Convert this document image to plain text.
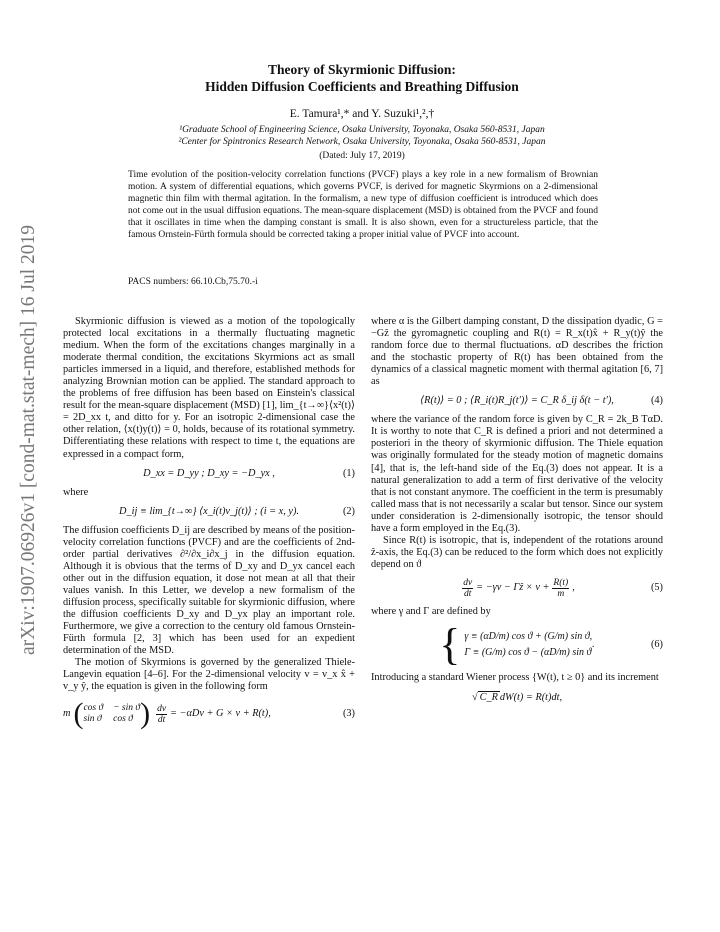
arXiv:1907.06926v1 [cond-mat.stat-mech] 16 Jul 2019
Theory of Skyrmionic Diffusion:
Hidden Diffusion Coefficients and Breathing Diffusion
E. Tamura¹,* and Y. Suzuki¹,²,†
¹Graduate School of Engineering Science, Osaka University, Toyonaka, Osaka 560-8531, Japan
²Center for Spintronics Research Network, Osaka University, Toyonaka, Osaka 560-8531, Japan
(Dated: July 17, 2019)
Time evolution of the position-velocity correlation functions (PVCF) plays a key role in a new formalism of Brownian motion. A system of differential equations, which governs PVCF, is derived for magnetic Skyrmions on a 2-dimensional magnetic thin film with thermal agitation. In the formalism, a new type of diffusion coefficient is introduced which does not come out in the usual diffusion equations. The mean-square displacement (MSD) is obtained from the PVCF and found that it oscillates in time when the damping constant is small. It is also shown, even for a structureless particle, that the famous Ornstein-Fürth formula should be corrected taking a proper initial value of PVCF into account.
PACS numbers: 66.10.Cb,75.70.-i

Skyrmionic diffusion is viewed as a motion of the topologically protected local excitations in a thermally fluctuating magnetic medium. When the form of the excitations changes marginally in a moderate thermal condition, the excitations Skyrmions act as small particles immersed in a liquid, and therefore, established methods for analyzing Brownian motion can be applied. The standard approach to the problems of free diffusion has been based on Einstein's classical result for the mean-square displacement (MSD) [1], lim_{t→∞}⟨x²(t)⟩ = 2D_xx t, and ditto for y. For an isotropic 2-dimensional case the other relation, ⟨x(t)y(t)⟩ = 0, holds, because of its rotational symmetry. Differentiating these relations with respect to time t, the equations are expressed in a compact form,

D_xx = D_yy ; D_xy = −D_yx ,	(1)

where

D_ij ≡ lim_{t→∞} ⟨x_i(t)v_j(t)⟩ ; (i = x, y).	(2)

The diffusion coefficients D_ij are described by means of the position-velocity correlation functions (PVCF) and are the coefficients of 2nd-order partial derivatives ∂²/∂x_i∂x_j in the diffusion equation. Although it is obvious that the terms of D_xy and D_yx cancel each other out in the diffusion equation, it dose not mean at all that their values vanish. In this Letter, we develop a new formalism of the diffusion process, specifically suitable for skyrmionic diffusion, where the diffusion coefficients D_xy and D_yx play an important role. Furthermore, we give a correction to the century old famous Ornstein-Fürth formula [2, 3] which has been used for an expedient determination of the MSD.

The motion of Skyrmions is governed by the generalized Thiele-Langevin equation [4–6]. For the 2-dimensional velocity v = v_x x̂ + v_y ŷ, the equation is given in the following form

m ( cos ϑ − sin ϑ
sin ϑ cos ϑ ) $\frac{dv}{dt} = -\alpha Dv + G \times v + R(t)$,	(3)

where α is the Gilbert damping constant, D the dissipation dyadic, G = −Gẑ the gyromagnetic coupling and R(t) = R_x(t)x̂ + R_y(t)ŷ the random force due to thermal fluctuations. αD describes the friction and the stochastic property of R(t) has been obtained from the dynamics of a classical magnetic moment with thermal agitation [6, 7] as

⟨R(t)⟩ = 0 ; ⟨R_i(t)R_j(t′)⟩ = C_R δ_ij δ(t − t′),	(4)

where the variance of the random force is given by C_R = 2k_B TαD. It is worthy to note that C_R is defined a priori and not determined a posteriori in the theory of skyrmionic diffusion. The Thiele equation was originally formulated for the steady motion of magnetic domains [4], that is, the left-hand side of the Eq.(3) does not appear. It is a natural generalization to add a term of first derivative of the velocity that is not constant anymore. The coefficient in the term is presumably called mass that is not necessarily a scalar but tensor. Since our system under consideration is 2-dimensionally isotropic, the tensor should have a form employed in the Eq.(3).

Since R(t) is isotropic, that is, independent of the rotations around ẑ-axis, the Eq.(3) can be reduced to the form which does not explicitly depend on ϑ

$\frac{dv}{dt} = -\gamma v$ − Γẑ × $v + \frac{R(t)}{m}$ ,	(5)

where γ and Γ are defined by

{ γ ≡ (αD/m) cos ϑ + (G/m) sin ϑ,
Γ ≡ (G/m) cos ϑ − (αD/m) sin ϑ
.	(6)

Introducing a standard Wiener process {W(t), t ≥ 0} and its increment

√ C_R dW(t) = R(t)dt,
